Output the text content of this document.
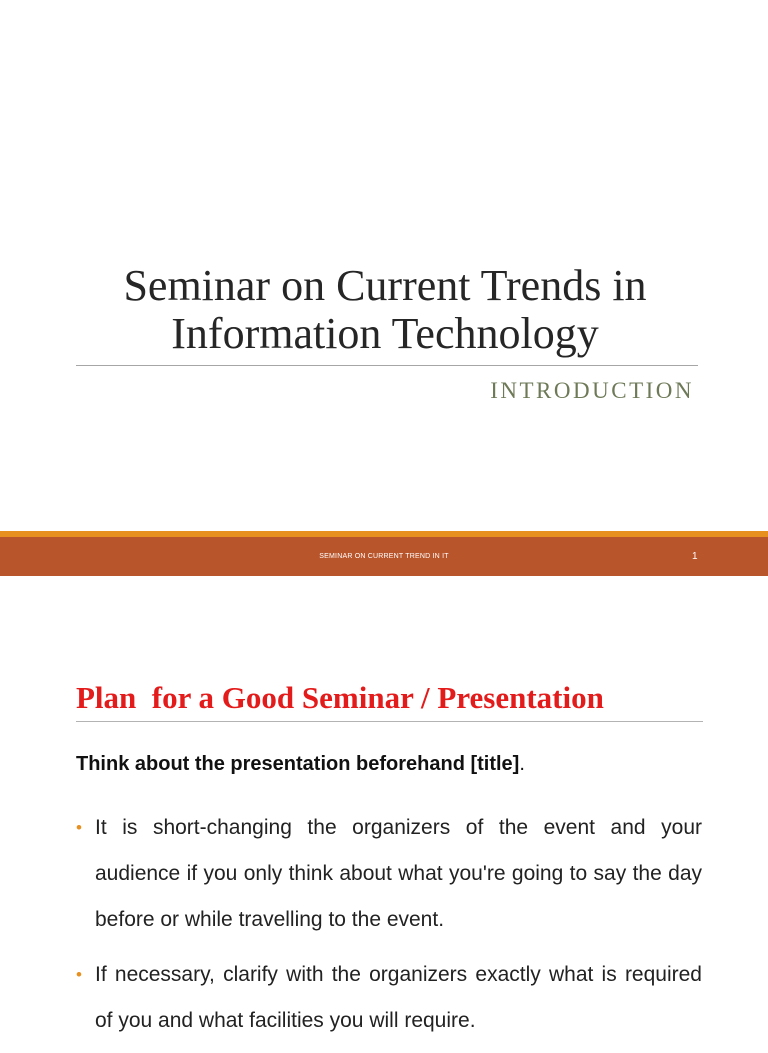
Seminar on Current Trends in
Information Technology
INTRODUCTION
SEMINAR ON CURRENT TREND IN IT	1
Plan  for a Good Seminar / Presentation
Think about the presentation beforehand [title].
• It is short-changing the organizers of the event and your audience if you only think about what you're going to say the day before or while travelling to the event.
• If necessary, clarify with the organizers exactly what is required of you and what facilities you will require.
